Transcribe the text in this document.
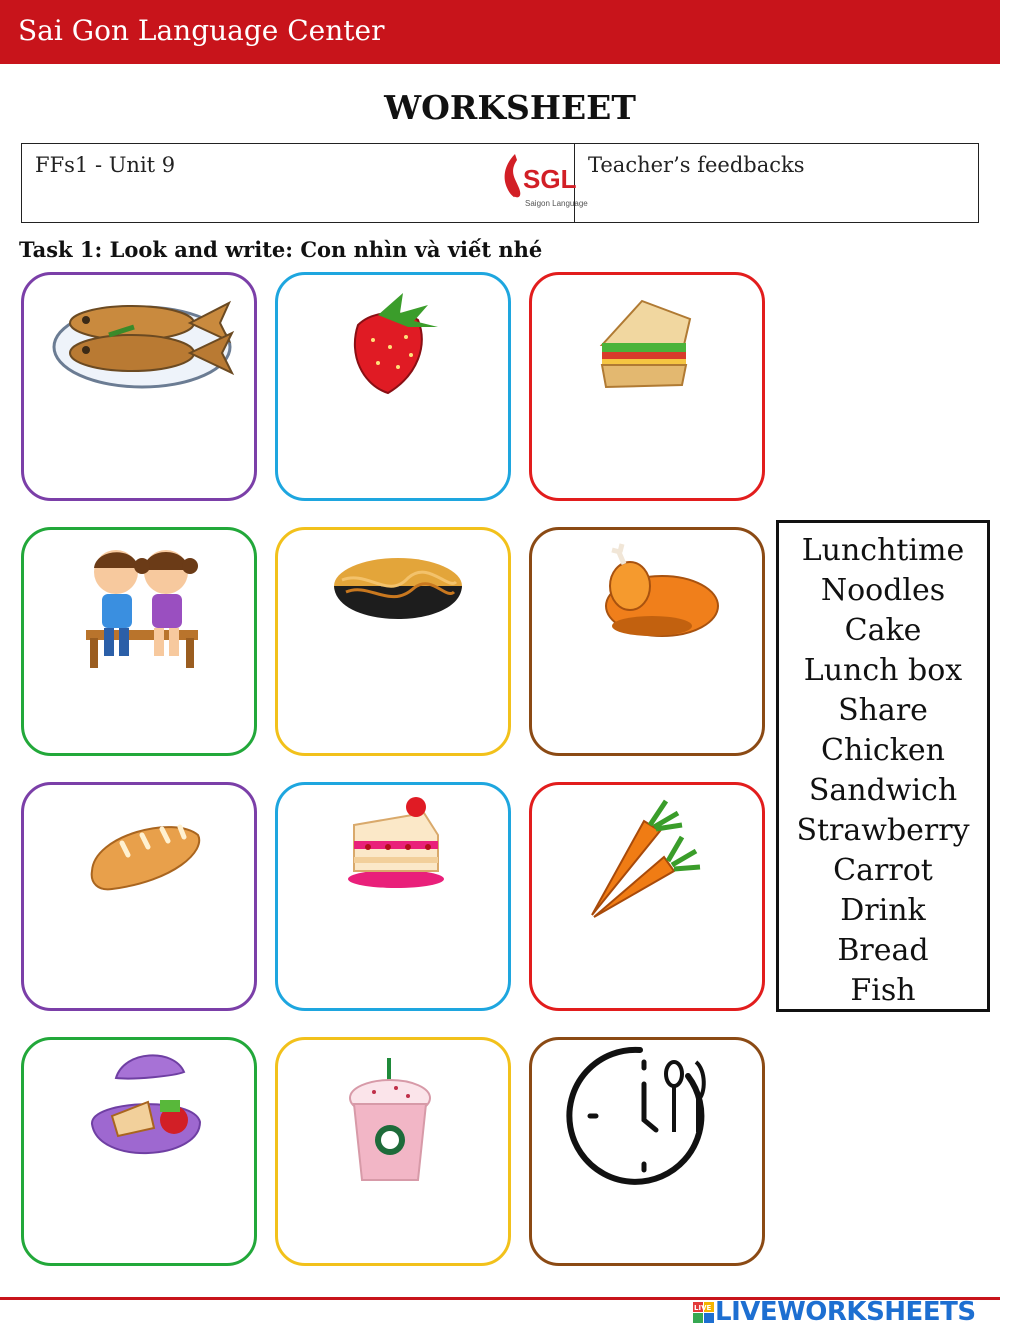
Sai Gon Language Center
WORKSHEET
FFs1 - Unit 9	SGL
Saigon Language
Teacher’s feedbacks
Task 1: Look and write: Con nhìn và viết nhé
Lunchtime
Noodles
Cake
Lunch box
Share
Chicken
Sandwich
Strawberry
Carrot
Drink
Bread
Fish
LIVE LIVEWORKSHEETS
